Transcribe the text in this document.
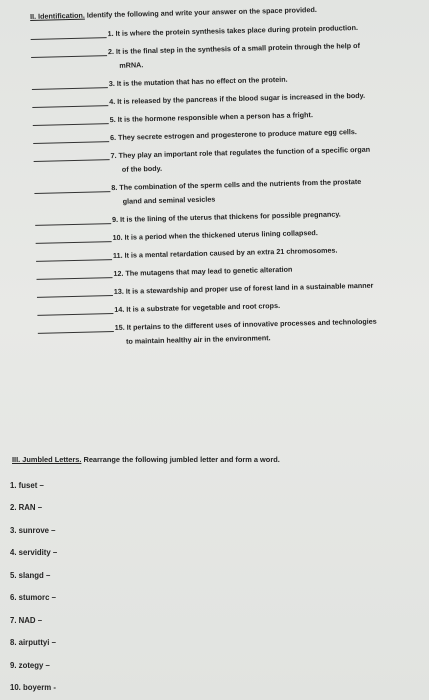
II. Identification. Identify the following and write your answer on the space provided.
1. It is where the protein synthesis takes place during protein production.
2. It is the final step in the synthesis of a small protein through the help of
mRNA.
3. It is the mutation that has no effect on the protein.
4. It is released by the pancreas if the blood sugar is increased in the body.
5. It is the hormone responsible when a person has a fright.
6. They secrete estrogen and progesterone to produce mature egg cells.
7. They play an important role that regulates the function of a specific organ
of the body.
8. The combination of the sperm cells and the nutrients from the prostate
gland and seminal vesicles
9. It is the lining of the uterus that thickens for possible pregnancy.
10. It is a period when the thickened uterus lining collapsed.
11. It is a mental retardation caused by an extra 21 chromosomes.
12. The mutagens that may lead to genetic alteration
13. It is a stewardship and proper use of forest land in a sustainable manner
14. It is a substrate for vegetable and root crops.
15. It pertains to the different uses of innovative processes and technologies
to maintain healthy air in the environment.
III. Jumbled Letters. Rearrange the following jumbled letter and form a word.
1. fuset –
2. RAN –
3. sunrove –
4. servidity –
5. slangd –
6. stumorc –
7. NAD –
8. airputtyi –
9. zotegy –
10. boyerm -
